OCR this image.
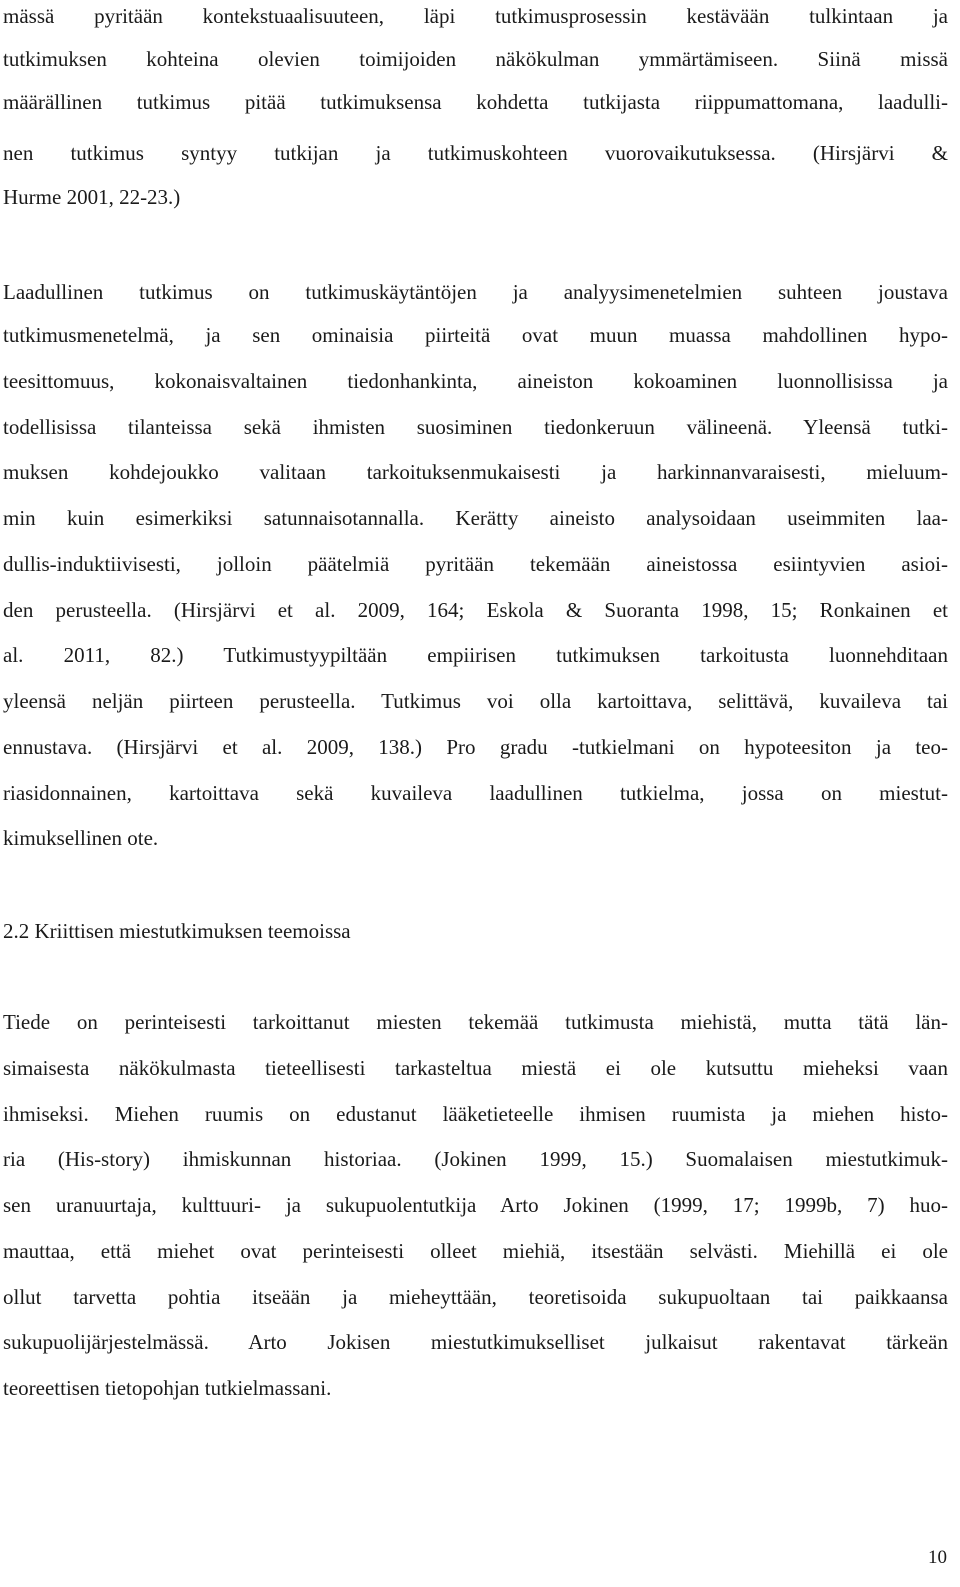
mässä pyritään kontekstuaalisuuteen, läpi tutkimusprosessin kestävään tulkintaan ja
tutkimuksen kohteina olevien toimijoiden näkökulman ymmärtämiseen. Siinä missä
määrällinen tutkimus pitää tutkimuksensa kohdetta tutkijasta riippumattomana, laadulli-
nen tutkimus syntyy tutkijan ja tutkimuskohteen vuorovaikutuksessa. (Hirsjärvi &
Hurme 2001, 22-23.)
Laadullinen tutkimus on tutkimuskäytäntöjen ja analyysimenetelmien suhteen joustava
tutkimusmenetelmä, ja sen ominaisia piirteitä ovat muun muassa mahdollinen hypo-
teesittomuus, kokonaisvaltainen tiedonhankinta, aineiston kokoaminen luonnollisissa ja
todellisissa tilanteissa sekä ihmisten suosiminen tiedonkeruun välineenä. Yleensä tutki-
muksen kohdejoukko valitaan tarkoituksenmukaisesti ja harkinnanvaraisesti, mieluum-
min kuin esimerkiksi satunnaisotannalla. Kerätty aineisto analysoidaan useimmiten laa-
dullis-induktiivisesti, jolloin päätelmiä pyritään tekemään aineistossa esiintyvien asioi-
den perusteella. (Hirsjärvi et al. 2009, 164; Eskola & Suoranta 1998, 15; Ronkainen et
al. 2011, 82.) Tutkimustyypiltään empiirisen tutkimuksen tarkoitusta luonnehditaan
yleensä neljän piirteen perusteella. Tutkimus voi olla kartoittava, selittävä, kuvaileva tai
ennustava. (Hirsjärvi et al. 2009, 138.) Pro gradu -tutkielmani on hypoteesiton ja teo-
riasidonnainen, kartoittava sekä kuvaileva laadullinen tutkielma, jossa on miestut-
kimuksellinen ote.
2.2 Kriittisen miestutkimuksen teemoissa
Tiede on perinteisesti tarkoittanut miesten tekemää tutkimusta miehistä, mutta tätä län-
simaisesta näkökulmasta tieteellisesti tarkasteltua miestä ei ole kutsuttu mieheksi vaan
ihmiseksi. Miehen ruumis on edustanut lääketieteelle ihmisen ruumista ja miehen histo-
ria (His-story) ihmiskunnan historiaa. (Jokinen 1999, 15.) Suomalaisen miestutkimuk-
sen uranuurtaja, kulttuuri- ja sukupuolentutkija Arto Jokinen (1999, 17; 1999b, 7) huo-
mauttaa, että miehet ovat perinteisesti olleet miehiä, itsestään selvästi. Miehillä ei ole
ollut tarvetta pohtia itseään ja mieheyttään, teoretisoida sukupuoltaan tai paikkaansa
sukupuolijärjestelmässä. Arto Jokisen miestutkimukselliset julkaisut rakentavat tärkeän
teoreettisen tietopohjan tutkielmassani.
10
